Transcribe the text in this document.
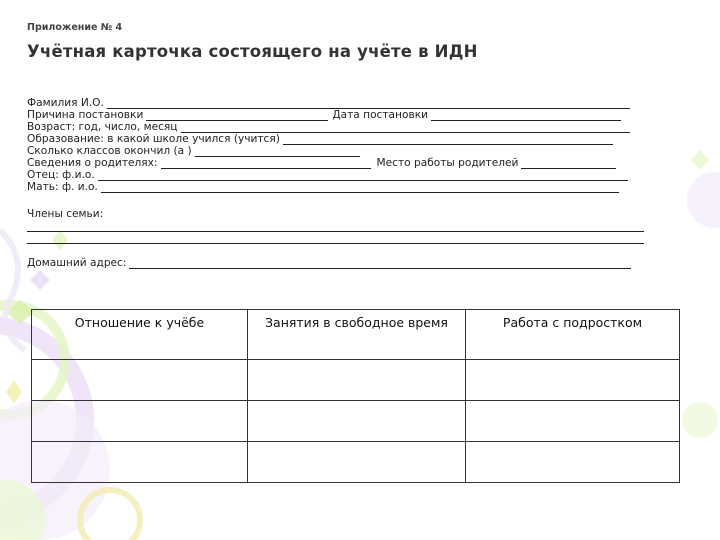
Приложение № 4
Учётная карточка состоящего на учёте в ИДН
Фамилия И.О.
Причина постановки	Дата постановки
Возраст: год, число, месяц
Образование: в какой школе учился (учится)
Сколько классов окончил (а )
Сведения о родителях:	Место работы родителей
Отец: ф.и.о.
Мать: ф. и.о.
Члены семьи:
Домашний адрес:
Отношение к учёбе	Занятия в свободное время	Работа с подростком
